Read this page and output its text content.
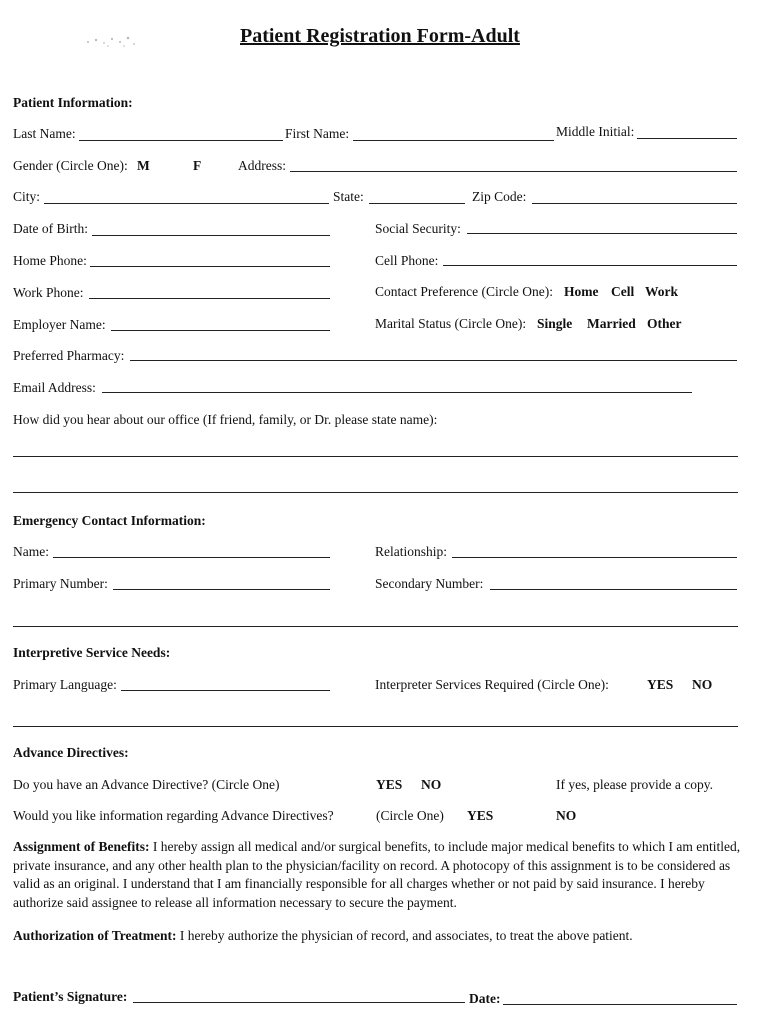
Patient Registration Form-Adult
Patient Information:
Last Name:	First Name:	Middle Initial:
Gender (Circle One): M	F	Address:
City:	State:	Zip Code:
Date of Birth:	Social Security:
Home Phone:	Cell Phone:
Work Phone:	Contact Preference (Circle One): Home Cell Work
Employer Name:	Marital Status (Circle One): Single Married Other
Preferred Pharmacy:
Email Address:
How did you hear about our office (If friend, family, or Dr. please state name):
Emergency Contact Information:
Name:	Relationship:
Primary Number:	Secondary Number:
Interpretive Service Needs:
Primary Language:	Interpreter Services Required (Circle One):	YES NO
Advance Directives:
Do you have an Advance Directive? (Circle One)	YES NO	If yes, please provide a copy.
Would you like information regarding Advance Directives?	(Circle One) YES	NO
Assignment of Benefits: I hereby assign all medical and/or surgical benefits, to include major medical benefits to which I am entitled, private insurance, and any other health plan to the physician/facility on record. A photocopy of this assignment is to be considered as valid as an original. I understand that I am financially responsible for all charges whether or not paid by said insurance. I hereby authorize said assignee to release all information necessary to secure the payment.
Authorization of Treatment: I hereby authorize the physician of record, and associates, to treat the above patient.
Patient’s Signature:	Date:
